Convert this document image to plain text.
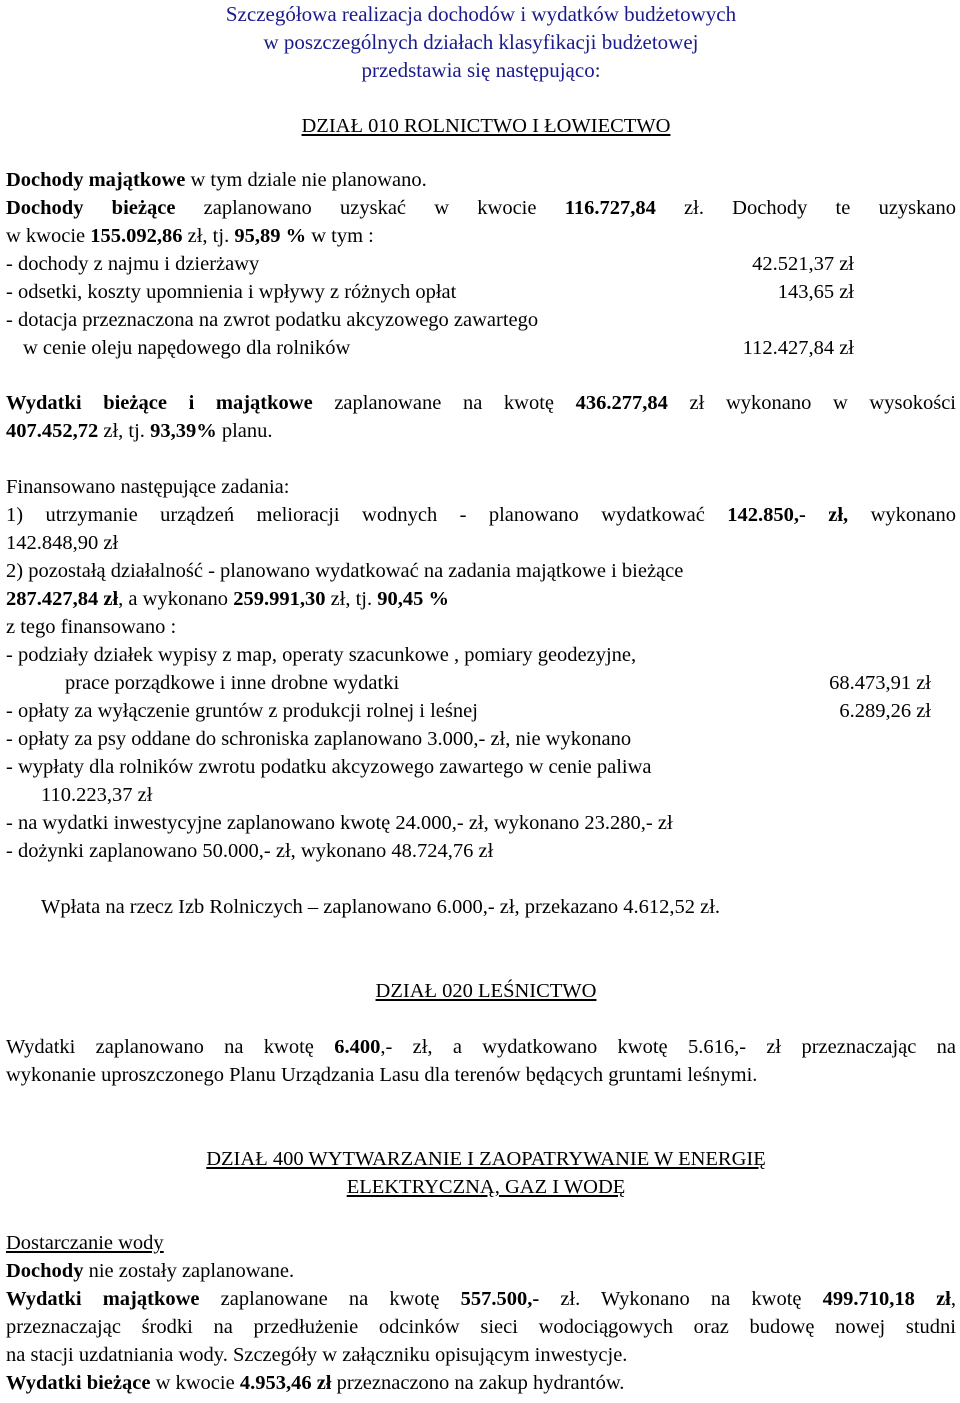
Szczegółowa realizacja dochodów i wydatków budżetowych

w poszczególnych działach klasyfikacji budżetowej

przedstawia się następująco:

DZIAŁ 010 ROLNICTWO I ŁOWIECTWO

Dochody majątkowe w tym dziale nie planowano.

Dochody bieżące zaplanowano uzyskać w kwocie 116.727,84 zł. Dochody te uzyskano

w kwocie 155.092,86 zł, tj. 95,89 % w tym :

- dochody z najmu i dzierżawy	42.521,37 zł
- odsetki, koszty upomnienia i wpływy z różnych opłat	143,65 zł

- dotacja przeznaczona na zwrot podatku akcyzowego zawartego

w cenie oleju napędowego dla rolników	112.427,84 zł

Wydatki bieżące i majątkowe zaplanowane na kwotę 436.277,84 zł wykonano w wysokości

407.452,72 zł, tj. 93,39% planu.

Finansowano następujące zadania:

1) utrzymanie urządzeń melioracji wodnych - planowano wydatkować 142.850,- zł, wykonano

142.848,90 zł

2) pozostałą działalność - planowano wydatkować na zadania majątkowe i bieżące

287.427,84 zł, a wykonano 259.991,30 zł, tj. 90,45 %

z tego finansowano :

- podziały działek wypisy z map, operaty szacunkowe , pomiary geodezyjne,

prace porządkowe i inne drobne wydatki	68.473,91 zł
- opłaty za wyłączenie gruntów z produkcji rolnej i leśnej	6.289,26 zł

- opłaty za psy oddane do schroniska zaplanowano 3.000,- zł, nie wykonano

- wypłaty dla rolników zwrotu podatku akcyzowego zawartego w cenie paliwa

110.223,37 zł

- na wydatki inwestycyjne zaplanowano kwotę 24.000,- zł, wykonano 23.280,- zł

- dożynki zaplanowano 50.000,- zł, wykonano 48.724,76 zł

Wpłata na rzecz Izb Rolniczych – zaplanowano 6.000,- zł, przekazano 4.612,52 zł.

DZIAŁ 020 LEŚNICTWO

Wydatki zaplanowano na kwotę 6.400,- zł, a wydatkowano kwotę 5.616,- zł przeznaczając na

wykonanie uproszczonego Planu Urządzania Lasu dla terenów będących gruntami leśnymi.

DZIAŁ 400 WYTWARZANIE I ZAOPATRYWANIE W ENERGIĘ

ELEKTRYCZNĄ, GAZ I WODĘ

Dostarczanie wody

Dochody nie zostały zaplanowane.

Wydatki majątkowe zaplanowane na kwotę 557.500,- zł. Wykonano na kwotę 499.710,18 zł,

przeznaczając środki na przedłużenie odcinków sieci wodociągowych oraz budowę nowej studni

na stacji uzdatniania wody. Szczegóły w załączniku opisującym inwestycje.

Wydatki bieżące w kwocie 4.953,46 zł przeznaczono na zakup hydrantów.
